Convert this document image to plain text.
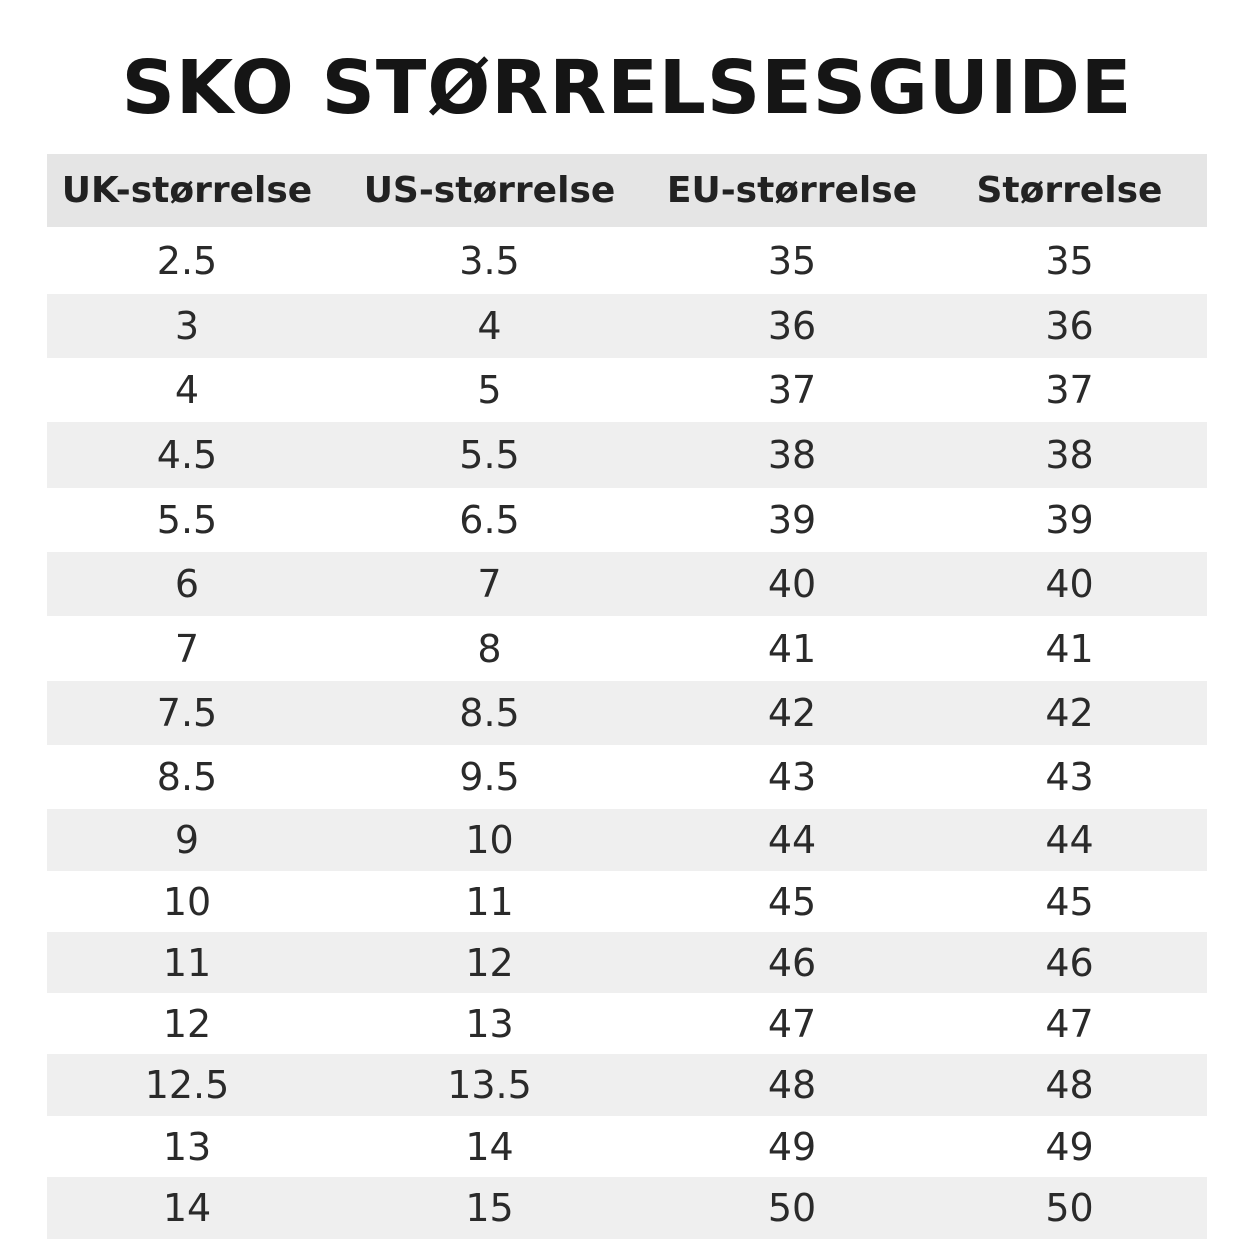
SKO STØRRELSESGUIDE
UK-størrelse	US-størrelse	EU-størrelse	Størrelse
2.5	3.5	35	35
3	4	36	36
4	5	37	37
4.5	5.5	38	38
5.5	6.5	39	39
6	7	40	40
7	8	41	41
7.5	8.5	42	42
8.5	9.5	43	43
9	10	44	44
10	11	45	45
11	12	46	46
12	13	47	47
12.5	13.5	48	48
13	14	49	49
14	15	50	50
